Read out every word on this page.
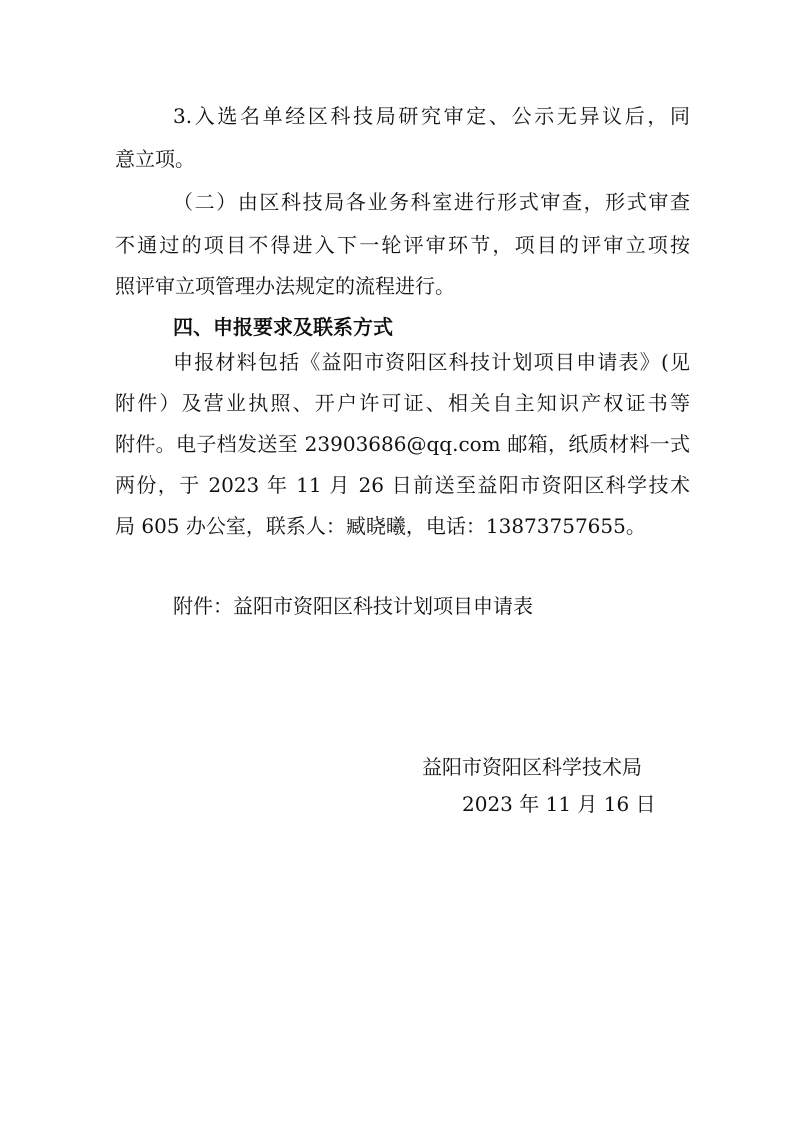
3.入选名单经区科技局研究审定、公示无异议后，同
意立项。
（二）由区科技局各业务科室进行形式审查，形式审查
不通过的项目不得进入下一轮评审环节，项目的评审立项按
照评审立项管理办法规定的流程进行。
四、申报要求及联系方式
申报材料包括《益阳市资阳区科技计划项目申请表》(见
附件）及营业执照、开户许可证、相关自主知识产权证书等
附件。电子档发送至 23903686@qq.com 邮箱，纸质材料一式
两份，于 2023 年 11 月 26 日前送至益阳市资阳区科学技术
局 605 办公室，联系人：臧晓曦，电话：13873757655。
附件：益阳市资阳区科技计划项目申请表
益阳市资阳区科学技术局
2023 年 11 月 16 日
